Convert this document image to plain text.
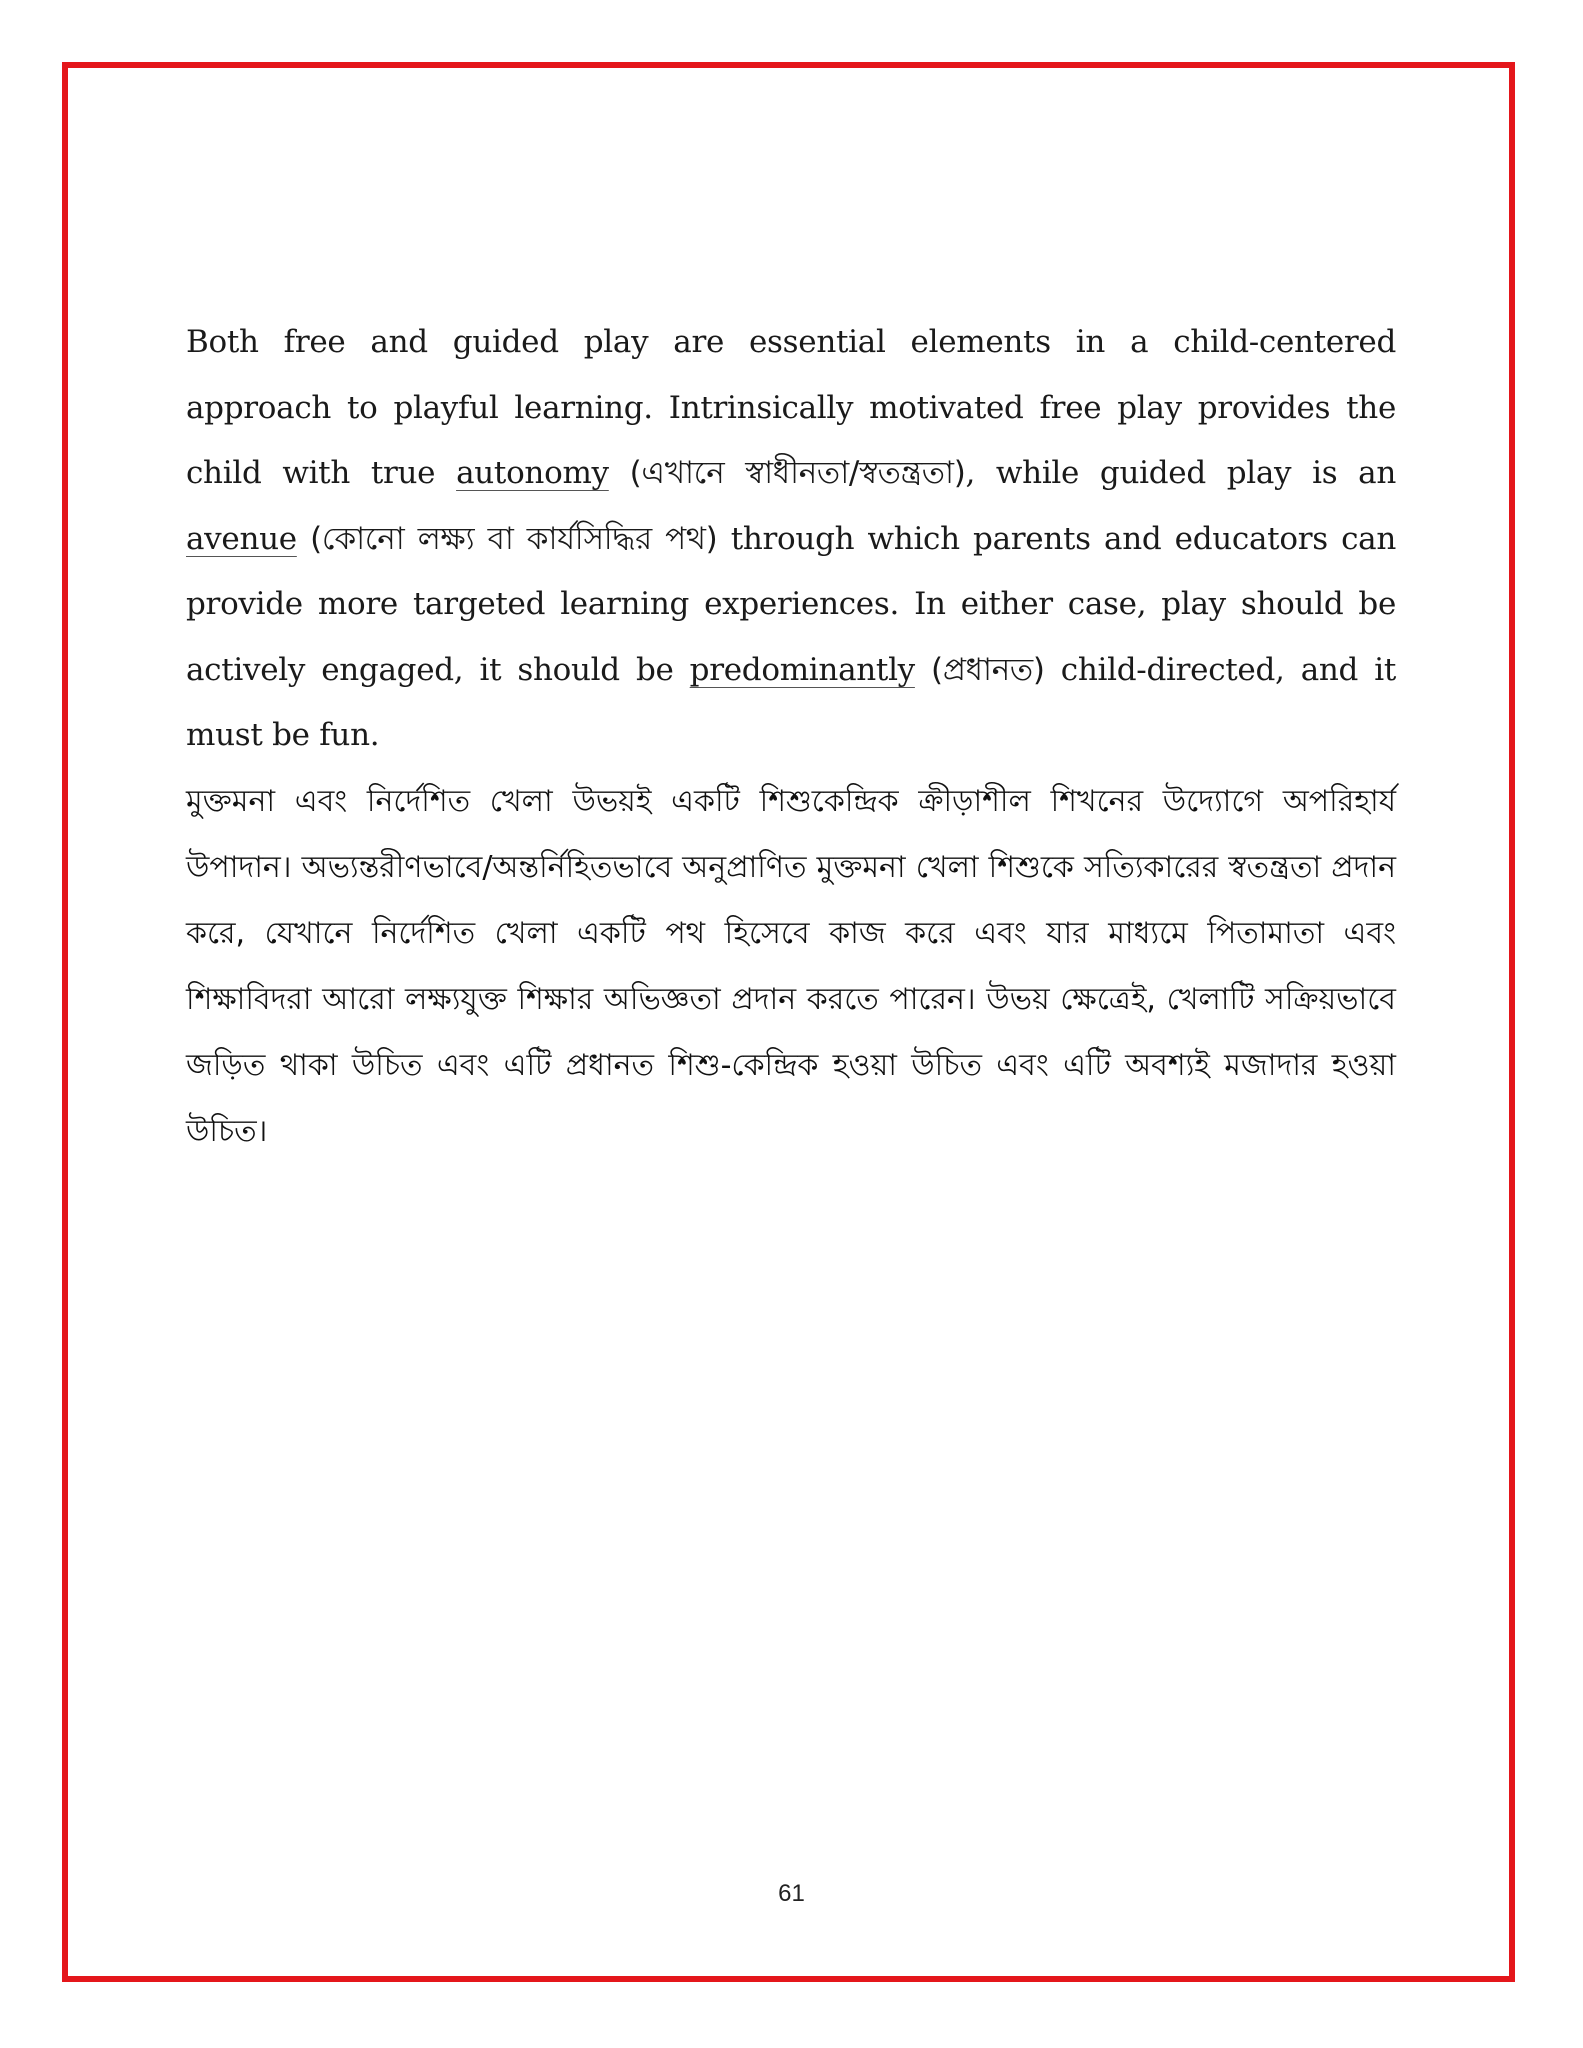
Both free and guided play are essential elements in a child-centered approach to playful learning. Intrinsically motivated free play provides the child with true autonomy (এখানে স্বাধীনতা/স্বতন্ত্রতা), while guided play is an avenue (কোনো লক্ষ্য বা কার্যসিদ্ধির পথ) through which parents and educators can provide more targeted learning experiences. In either case, play should be actively engaged, it should be predominantly (প্রধানত) child-directed, and it must be fun.

মুক্তমনা এবং নির্দেশিত খেলা উভয়ই একটি শিশুকেন্দ্রিক ক্রীড়াশীল শিখনের উদ্যোগে অপরিহার্য উপাদান। অভ্যন্তরীণভাবে/অন্তর্নিহিতভাবে অনুপ্রাণিত মুক্তমনা খেলা শিশুকে সত্যিকারের স্বতন্ত্রতা প্রদান করে, যেখানে নির্দেশিত খেলা একটি পথ হিসেবে কাজ করে এবং যার মাধ্যমে পিতামাতা এবং শিক্ষাবিদরা আরো লক্ষ্যযুক্ত শিক্ষার অভিজ্ঞতা প্রদান করতে পারেন। উভয় ক্ষেত্রেই, খেলাটি সক্রিয়ভাবে জড়িত থাকা উচিত এবং এটি প্রধানত শিশু-কেন্দ্রিক হওয়া উচিত এবং এটি অবশ্যই মজাদার হওয়া উচিত।

61
